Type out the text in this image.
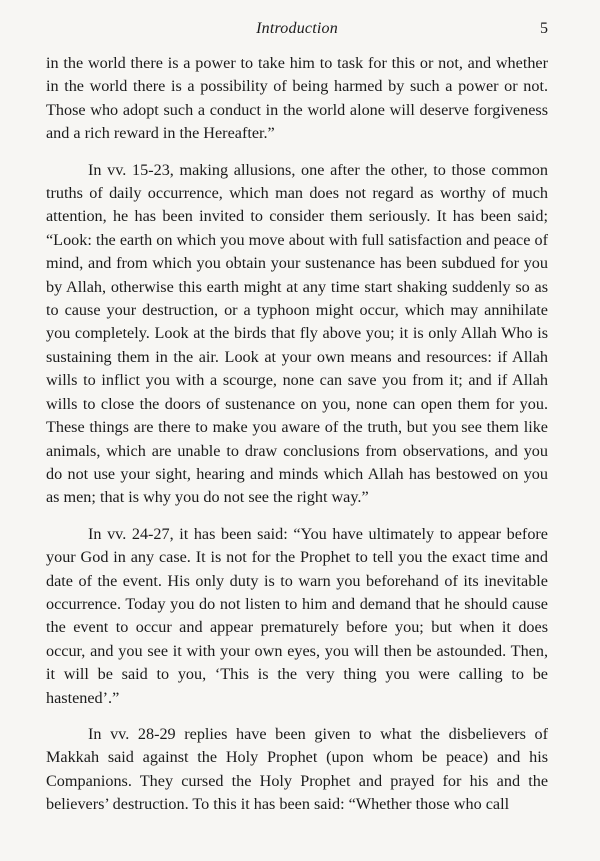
Introduction	5

in the world there is a power to take him to task for this or not, and whether in the world there is a possibility of being harmed by such a power or not. Those who adopt such a conduct in the world alone will deserve forgiveness and a rich reward in the Hereafter.”

In vv. 15-23, making allusions, one after the other, to those common truths of daily occurrence, which man does not regard as worthy of much attention, he has been invited to consider them seriously. It has been said; “Look: the earth on which you move about with full satisfaction and peace of mind, and from which you obtain your sustenance has been subdued for you by Allah, otherwise this earth might at any time start shaking suddenly so as to cause your destruction, or a typhoon might occur, which may annihilate you completely. Look at the birds that fly above you; it is only Allah Who is sustaining them in the air. Look at your own means and resources: if Allah wills to inflict you with a scourge, none can save you from it; and if Allah wills to close the doors of sustenance on you, none can open them for you. These things are there to make you aware of the truth, but you see them like animals, which are unable to draw conclusions from observations, and you do not use your sight, hearing and minds which Allah has bestowed on you as men; that is why you do not see the right way.”

In vv. 24-27, it has been said: “You have ultimately to appear before your God in any case. It is not for the Prophet to tell you the exact time and date of the event. His only duty is to warn you beforehand of its inevitable occurrence. Today you do not listen to him and demand that he should cause the event to occur and appear prematurely before you; but when it does occur, and you see it with your own eyes, you will then be astounded. Then, it will be said to you, ‘This is the very thing you were calling to be hastened’.”

In vv. 28-29 replies have been given to what the disbelievers of Makkah said against the Holy Prophet (upon whom be peace) and his Companions. They cursed the Holy Prophet and prayed for his and the believers’ destruction. To this it has been said: “Whether those who call
